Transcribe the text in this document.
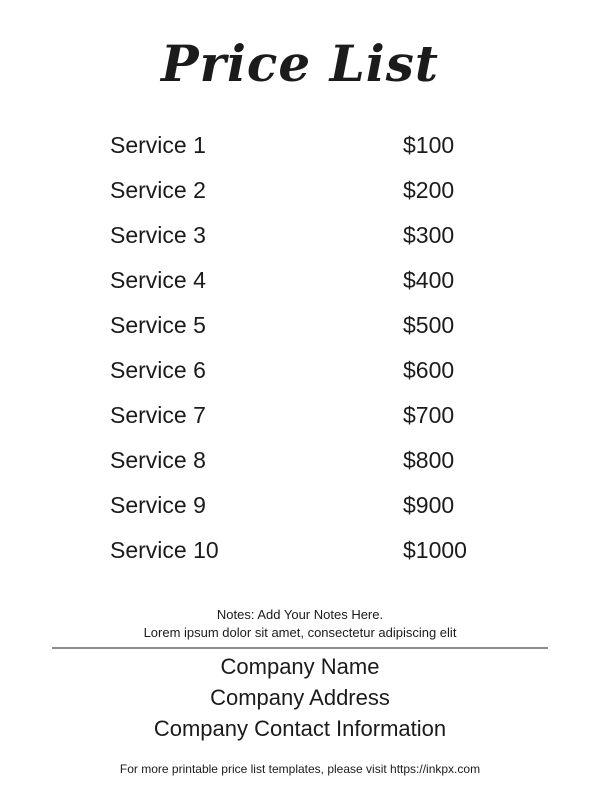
Price List
Service 1	$100
Service 2	$200
Service 3	$300
Service 4	$400
Service 5	$500
Service 6	$600
Service 7	$700
Service 8	$800
Service 9	$900
Service 10	$1000
Notes: Add Your Notes Here.
Lorem ipsum dolor sit amet, consectetur adipiscing elit
Company Name
Company Address
Company Contact Information
For more printable price list templates, please visit https://inkpx.com
